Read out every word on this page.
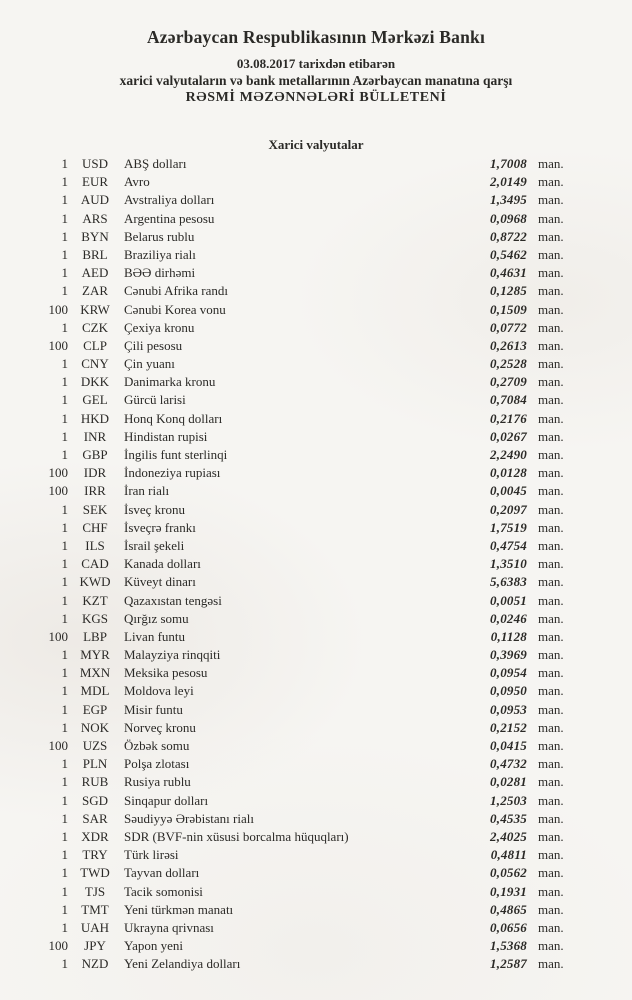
Azərbaycan Respublikasının Mərkəzi Bankı
03.08.2017 tarixdən etibarən
xarici valyutaların və bank metallarının Azərbaycan manatına qarşı
RƏSMİ MƏZƏNNƏLƏRİ BÜLLETENİ
Xarici valyutalar
1	USD	ABŞ dolları	1,7008 man.
1	EUR	Avro	2,0149 man.
1 AUD	Avstraliya dolları	1,3495 man.
1	ARS	Argentina pesosu	0,0968 man.
1	BYN	Belarus rublu	0,8722 man.
1	BRL	Braziliya rialı	0,5462 man.
1	AED	BƏƏ dirhəmi	0,4631 man.
1	ZAR	Cənubi Afrika randı	0,1285 man.
100 KRW	Cənubi Korea vonu	0,1509 man.
1	CZK	Çexiya kronu	0,0772 man.
100	CLP	Çili pesosu	0,2613 man.
1	CNY	Çin yuanı	0,2528 man.
1 DKK	Danimarka kronu	0,2709 man.
1	GEL	Gürcü larisi	0,7084 man.
1 HKD	Honq Konq dolları	0,2176 man.
1	INR	Hindistan rupisi	0,0267 man.
1	GBP	İngilis funt sterlinqi	2,2490 man.
100	IDR	İndoneziya rupiası	0,0128 man.
100	IRR	İran rialı	0,0045 man.
1	SEK	İsveç kronu	0,2097 man.
1	CHF	İsveçrə frankı	1,7519 man.
1	ILS	İsrail şekeli	0,4754 man.
1	CAD	Kanada dolları	1,3510 man.
1 KWD	Küveyt dinarı	5,6383 man.
1	KZT	Qazaxıstan tengəsi	0,0051 man.
1	KGS	Qırğız somu	0,0246 man.
100	LBP	Livan funtu	0,1128 man.
1 MYR	Malayziya rinqqiti	0,3969 man.
1 MXN	Meksika pesosu	0,0954 man.
1 MDL	Moldova leyi	0,0950 man.
1	EGP	Misir funtu	0,0953 man.
1 NOK	Norveç kronu	0,2152 man.
100	UZS	Özbək somu	0,0415 man.
1	PLN	Polşa zlotası	0,4732 man.
1	RUB	Rusiya rublu	0,0281 man.
1	SGD	Sinqapur dolları	1,2503 man.
1	SAR	Səudiyyə Ərəbistanı rialı	0,4535 man.
1	XDR	SDR (BVF-nin xüsusi borcalma hüquqları)	2,4025 man.
1	TRY	Türk lirəsi	0,4811 man.
1 TWD	Tayvan dolları	0,0562 man.
1	TJS	Tacik somonisi	0,1931 man.
1	TMT	Yeni türkmən manatı	0,4865 man.
1 UAH	Ukrayna qrivnası	0,0656 man.
100	JPY	Yapon yeni	1,5368 man.
1	NZD	Yeni Zelandiya dolları	1,2587 man.
